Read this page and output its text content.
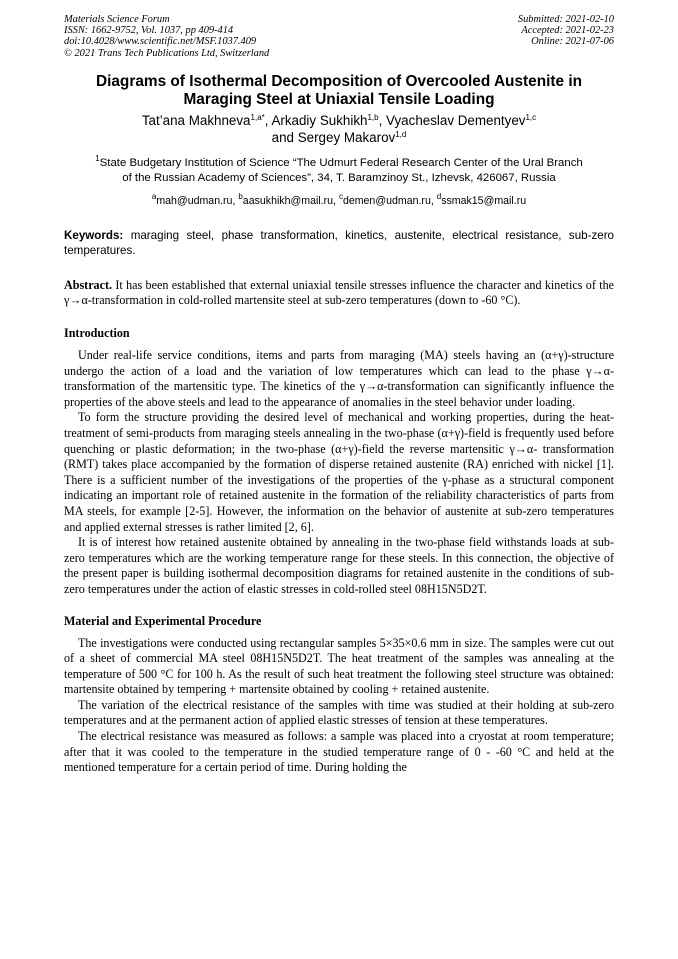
Materials Science Forum
ISSN: 1662-9752, Vol. 1037, pp 409-414
doi:10.4028/www.scientific.net/MSF.1037.409
© 2021 Trans Tech Publications Ltd, Switzerland
Submitted: 2021-02-10
Accepted: 2021-02-23
Online: 2021-07-06
Diagrams of Isothermal Decomposition of Overcooled Austenite in
Maraging Steel at Uniaxial Tensile Loading
Tat’ana Makhneva$^{1,a*}$, Arkadiy Sukhikh$^{1,b}$, Vyacheslav Dementyev$^{1,c}$
and Sergey Makarov$^{1,d}$
$^1$State Budgetary Institution of Science “The Udmurt Federal Research Center of the Ural Branch
of the Russian Academy of Sciences”, 34, T. Baramzinoy St., Izhevsk, 426067, Russia
$^a$mah@udman.ru, $^b$aasukhikh@mail.ru, $^c$demen@udman.ru, $^d$ssmak15@mail.ru
Keywords: maraging steel, phase transformation, kinetics, austenite, electrical resistance, sub-zero temperatures.
Abstract. It has been established that external uniaxial tensile stresses influence the character and kinetics of the γ→α-transformation in cold-rolled martensite steel at sub-zero temperatures (down to -60 °C).
Introduction

Under real-life service conditions, items and parts from maraging (MA) steels having an (α+γ)-structure undergo the action of a load and the variation of low temperatures which can lead to the phase γ→α-transformation of the martensitic type. The kinetics of the γ→α-transformation can significantly influence the properties of the above steels and lead to the appearance of anomalies in the steel behavior under loading.

To form the structure providing the desired level of mechanical and working properties, during the heat-treatment of semi-products from maraging steels annealing in the two-phase (α+γ)-field is frequently used before quenching or plastic deformation; in the two-phase (α+γ)-field the reverse martensitic γ→α- transformation (RMT) takes place accompanied by the formation of disperse retained austenite (RA) enriched with nickel [1]. There is a sufficient number of the investigations of the properties of the γ-phase as a structural component indicating an important role of retained austenite in the formation of the reliability characteristics of parts from MA steels, for example [2-5]. However, the information on the behavior of austenite at sub-zero temperatures and applied external stresses is rather limited [2, 6].

It is of interest how retained austenite obtained by annealing in the two-phase field withstands loads at sub-zero temperatures which are the working temperature range for these steels. In this connection, the objective of the present paper is building isothermal decomposition diagrams for retained austenite in the conditions of sub-zero temperatures under the action of elastic stresses in cold-rolled steel 08H15N5D2T.

Material and Experimental Procedure

The investigations were conducted using rectangular samples 5×35×0.6 mm in size. The samples were cut out of a sheet of commercial MA steel 08H15N5D2T. The heat treatment of the samples was annealing at the temperature of 500 °C for 100 h. As the result of such heat treatment the following steel structure was obtained: martensite obtained by tempering + martensite obtained by cooling + retained austenite.

The variation of the electrical resistance of the samples with time was studied at their holding at sub-zero temperatures and at the permanent action of applied elastic stresses of tension at these temperatures.

The electrical resistance was measured as follows: a sample was placed into a cryostat at room temperature; after that it was cooled to the temperature in the studied temperature range of 0 - -60 °C and held at the mentioned temperature for a certain period of time. During holding the
